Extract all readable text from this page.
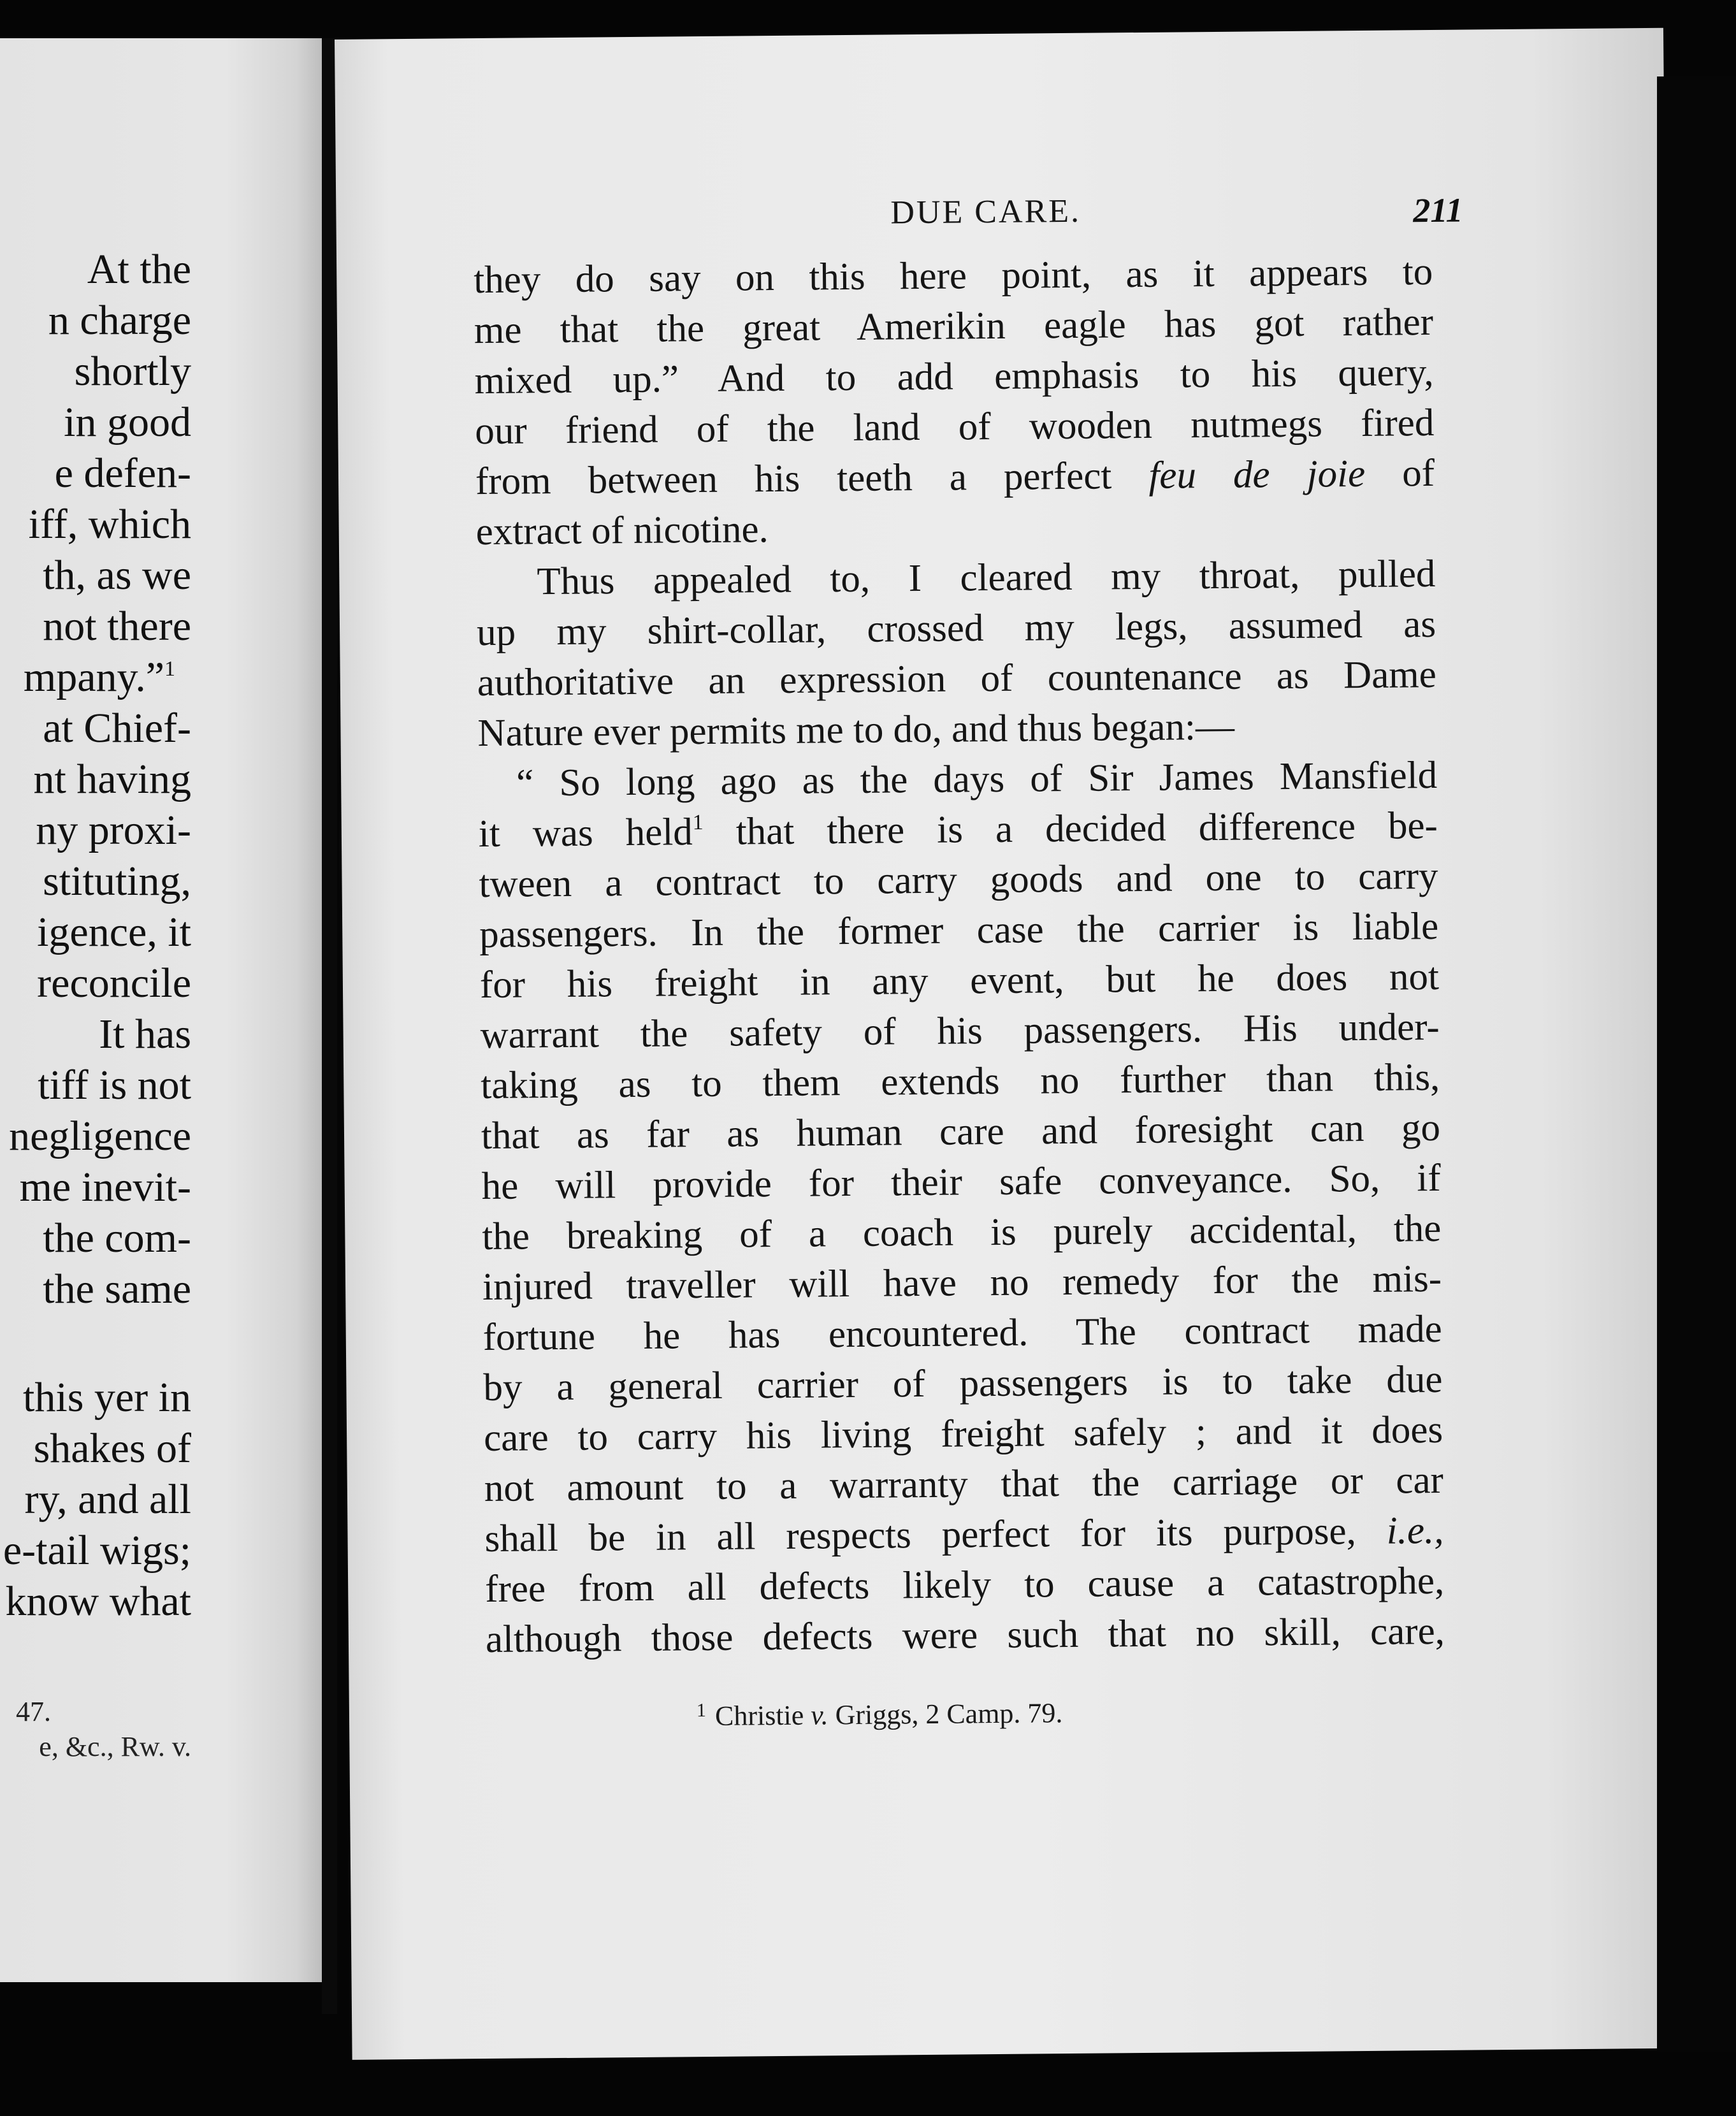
At the
n charge
shortly
in good
e defen-
iff, which
th, as we
not there
mpany.”$^1$
at Chief-
nt having
ny proxi-
stituting,
igence, it
reconcile
It has
tiff is not
negligence
me inevit-
the com-
the same
this yer in
shakes of
ry, and all
e-tail wigs;
know what
47.
e, &c., Rw. v.
DUE CARE.	211
they do say on this here point, as it appears to
me that the great Amerikin eagle has got rather
mixed up.” And to add emphasis to his query,
our friend of the land of wooden nutmegs fired
from between his teeth a perfect feu de joie of
extract of nicotine.
Thus appealed to, I cleared my throat, pulled
up my shirt-collar, crossed my legs, assumed as
authoritative an expression of countenance as Dame
Nature ever permits me to do, and thus began:—
“ So long ago as the days of Sir James Mansfield
it was held$^1$ that there is a decided difference be-
tween a contract to carry goods and one to carry
passengers. In the former case the carrier is liable
for his freight in any event, but he does not
warrant the safety of his passengers. His under-
taking as to them extends no further than this,
that as far as human care and foresight can go
he will provide for their safe conveyance. So, if
the breaking of a coach is purely accidental, the
injured traveller will have no remedy for the mis-
fortune he has encountered. The contract made
by a general carrier of passengers is to take due
care to carry his living freight safely ; and it does
not amount to a warranty that the carriage or car
shall be in all respects perfect for its purpose, i.e.,
free from all defects likely to cause a catastrophe,
although those defects were such that no skill, care,
$^1$ Christie v. Griggs, 2 Camp. 79.
